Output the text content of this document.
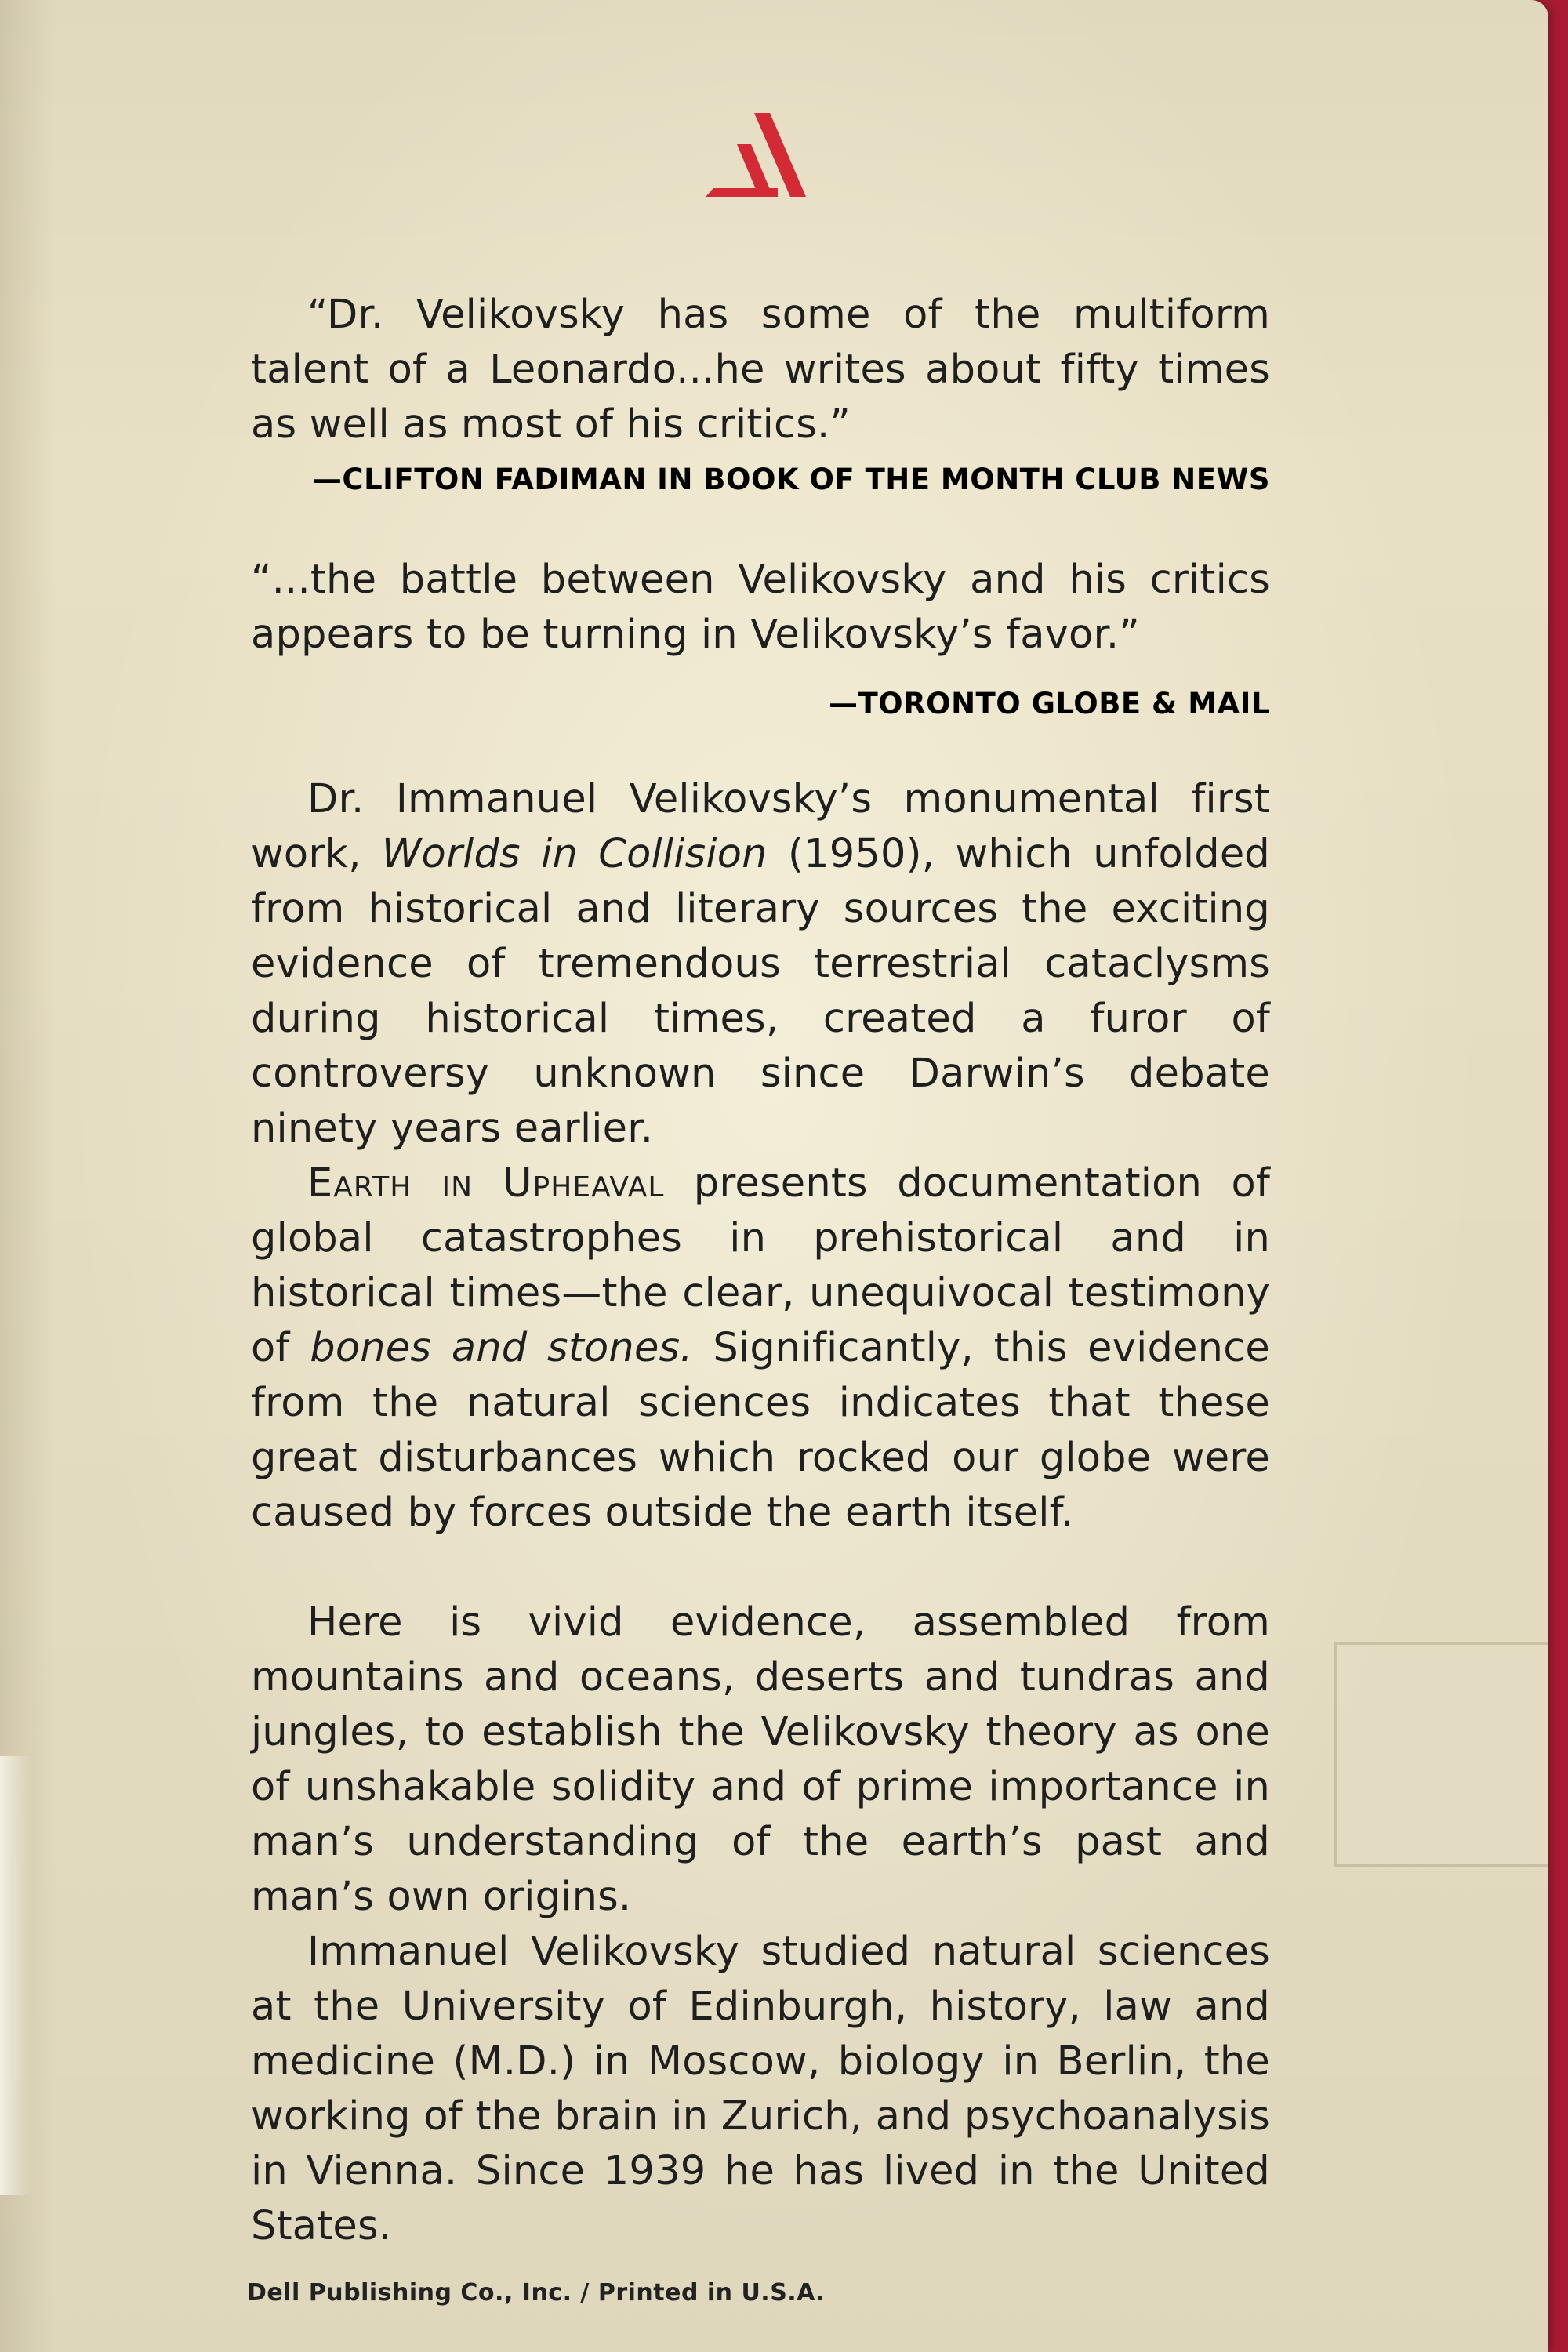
“Dr. Velikovsky has some of the multiform talent of a Leonardo...he writes about fifty times as well as most of his critics.”

—CLIFTON FADIMAN IN BOOK OF THE MONTH CLUB NEWS

“...the battle between Velikovsky and his critics appears to be turning in Velikovsky’s favor.”

—TORONTO GLOBE & MAIL

Dr. Immanuel Velikovsky’s monumental first work, Worlds in Collision (1950), which unfolded from historical and literary sources the exciting evidence of tremendous terrestrial cataclysms during historical times, created a furor of controversy unknown since Darwin’s debate ninety years earlier.

Earth in Upheaval presents documentation of global catastrophes in prehistorical and in historical times—the clear, unequivocal testimony of bones and stones. Significantly, this evidence from the natural sciences indicates that these great disturbances which rocked our globe were caused by forces outside the earth itself.

Here is vivid evidence, assembled from mountains and oceans, deserts and tundras and jungles, to establish the Velikovsky theory as one of unshakable solidity and of prime importance in man’s understanding of the earth’s past and man’s own origins.

Immanuel Velikovsky studied natural sciences at the University of Edinburgh, history, law and medicine (M.D.) in Moscow, biology in Berlin, the working of the brain in Zurich, and psychoanalysis in Vienna. Since 1939 he has lived in the United States.

Dell Publishing Co., Inc. / Printed in U.S.A.
